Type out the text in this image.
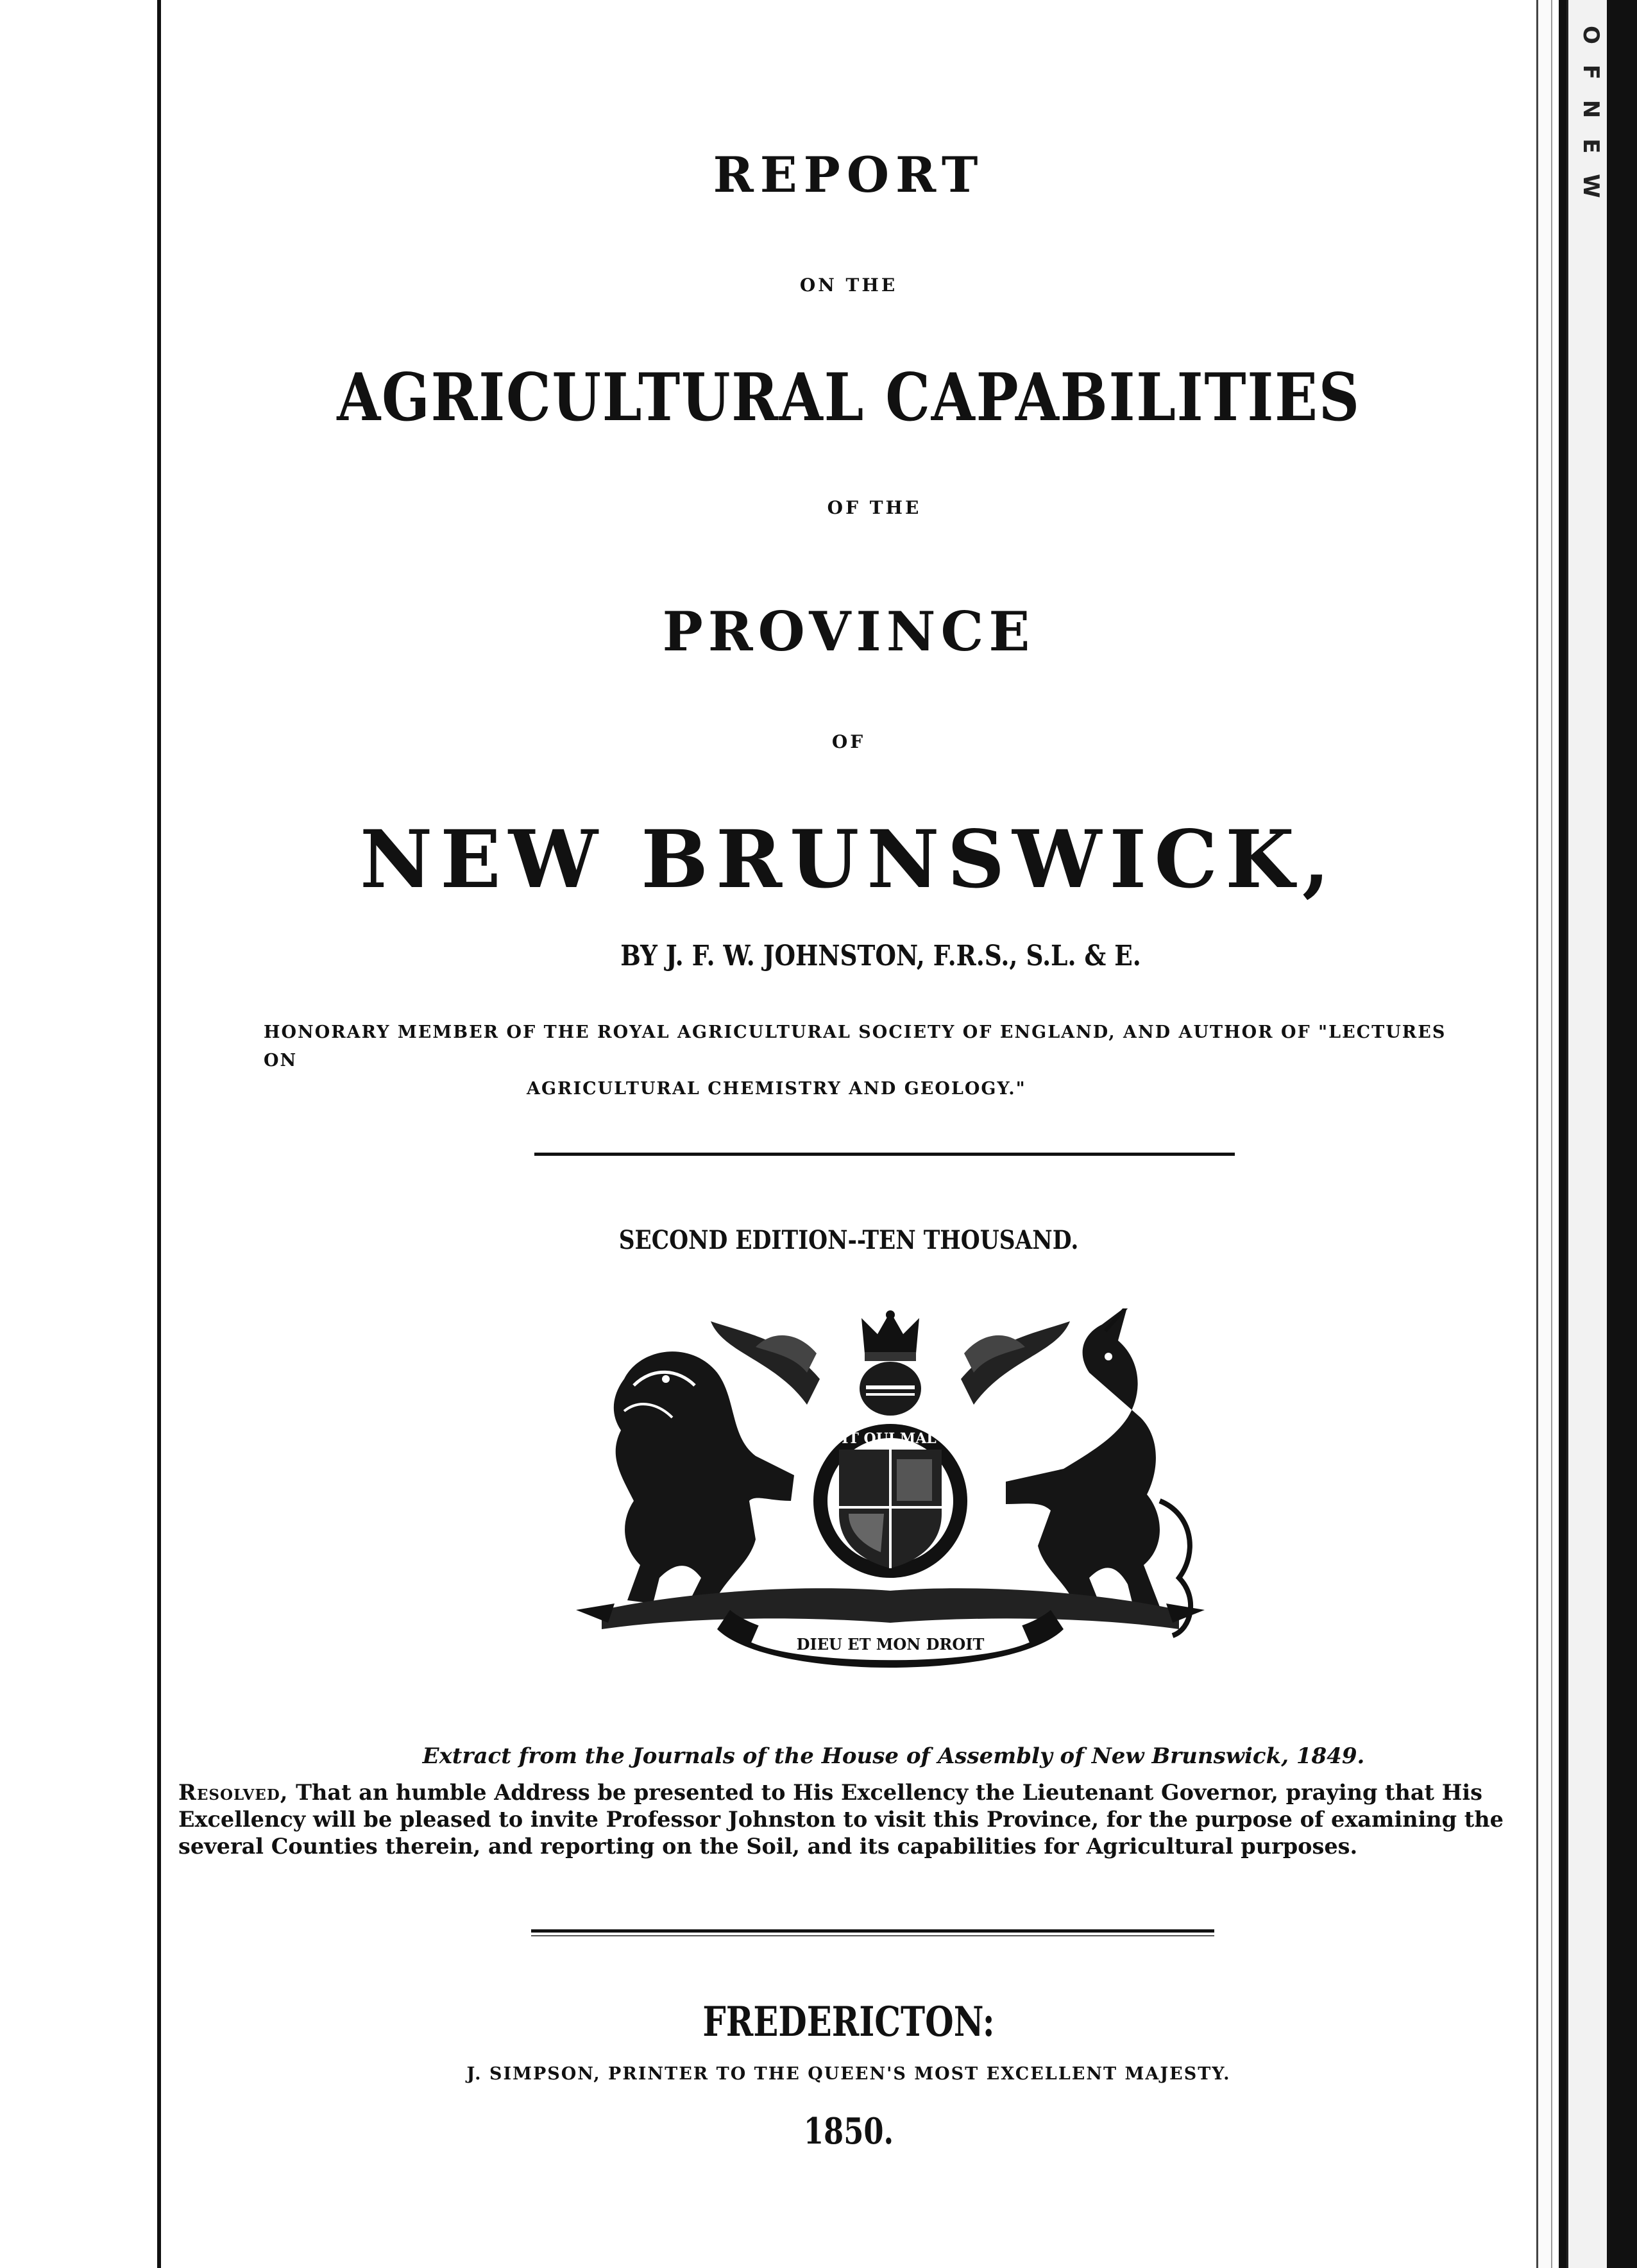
O F N E W
REPORT
ON THE
AGRICULTURAL CAPABILITIES
OF THE
PROVINCE
OF
NEW BRUNSWICK,
BY J. F. W. JOHNSTON, F.R.S., S.L. & E.
HONORARY MEMBER OF THE ROYAL AGRICULTURAL SOCIETY OF ENGLAND, AND AUTHOR OF "LECTURES ON
AGRICULTURAL CHEMISTRY AND GEOLOGY."
SECOND EDITION--TEN THOUSAND.
HONI SOIT QUI MAL Y PENSE
DIEU ET MON DROIT
Extract from the Journals of the House of Assembly of New Brunswick, 1849.
Resolved, That an humble Address be presented to His Excellency the Lieutenant Governor, praying that His Excellency will be pleased to invite Professor Johnston to visit this Province, for the purpose of examining the several Counties therein, and reporting on the Soil, and its capabilities for Agricultural purposes.
FREDERICTON:
J. SIMPSON, PRINTER TO THE QUEEN'S MOST EXCELLENT MAJESTY.
1850.
